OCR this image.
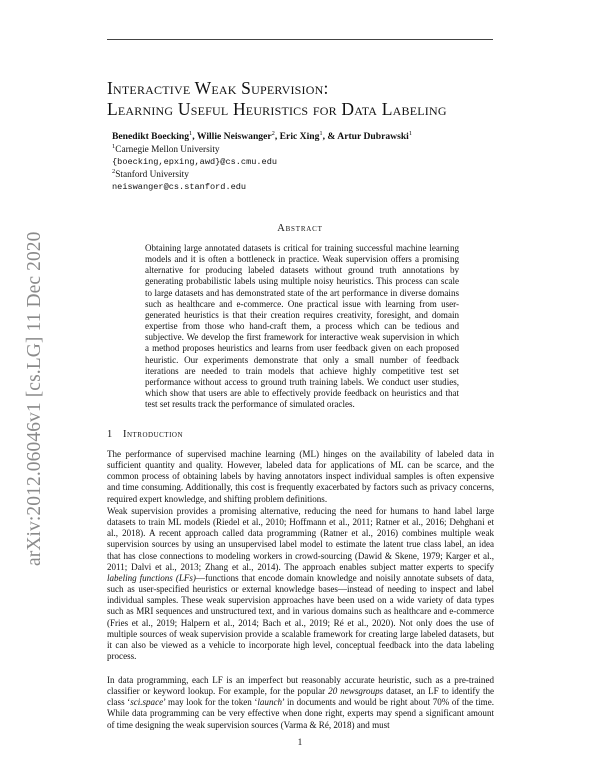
arXiv:2012.06046v1 [cs.LG] 11 Dec 2020
Interactive Weak Supervision:
Learning Useful Heuristics for Data Labeling
Benedikt Boecking$^1$, Willie Neiswanger$^2$, Eric Xing$^1$, & Artur Dubrawski$^1$
$^1$Carnegie Mellon University
{boecking,epxing,awd}@cs.cmu.edu
$^2$Stanford University
neiswanger@cs.stanford.edu
Abstract
Obtaining large annotated datasets is critical for training successful machine learning models and it is often a bottleneck in practice. Weak supervision offers a promising alternative for producing labeled datasets without ground truth annotations by generating probabilistic labels using multiple noisy heuristics. This process can scale to large datasets and has demonstrated state of the art performance in diverse domains such as healthcare and e-commerce. One practical issue with learning from user-generated heuristics is that their creation requires creativity, foresight, and domain expertise from those who hand-craft them, a process which can be tedious and subjective. We develop the first framework for interactive weak supervision in which a method proposes heuristics and learns from user feedback given on each proposed heuristic. Our experiments demonstrate that only a small number of feedback iterations are needed to train models that achieve highly competitive test set performance without access to ground truth training labels. We conduct user studies, which show that users are able to effectively provide feedback on heuristics and that test set results track the performance of simulated oracles.
1 Introduction

The performance of supervised machine learning (ML) hinges on the availability of labeled data in sufficient quantity and quality. However, labeled data for applications of ML can be scarce, and the common process of obtaining labels by having annotators inspect individual samples is often expensive and time consuming. Additionally, this cost is frequently exacerbated by factors such as privacy concerns, required expert knowledge, and shifting problem definitions.

Weak supervision provides a promising alternative, reducing the need for humans to hand label large datasets to train ML models (Riedel et al., 2010; Hoffmann et al., 2011; Ratner et al., 2016; Dehghani et al., 2018). A recent approach called data programming (Ratner et al., 2016) combines multiple weak supervision sources by using an unsupervised label model to estimate the latent true class label, an idea that has close connections to modeling workers in crowd-sourcing (Dawid & Skene, 1979; Karger et al., 2011; Dalvi et al., 2013; Zhang et al., 2014). The approach enables subject matter experts to specify labeling functions (LFs)—functions that encode domain knowledge and noisily annotate subsets of data, such as user-specified heuristics or external knowledge bases—instead of needing to inspect and label individual samples. These weak supervision approaches have been used on a wide variety of data types such as MRI sequences and unstructured text, and in various domains such as healthcare and e-commerce (Fries et al., 2019; Halpern et al., 2014; Bach et al., 2019; Ré et al., 2020). Not only does the use of multiple sources of weak supervision provide a scalable framework for creating large labeled datasets, but it can also be viewed as a vehicle to incorporate high level, conceptual feedback into the data labeling process.

In data programming, each LF is an imperfect but reasonably accurate heuristic, such as a pre-trained classifier or keyword lookup. For example, for the popular 20 newsgroups dataset, an LF to identify the class ‘sci.space’ may look for the token ‘launch’ in documents and would be right about 70% of the time. While data programming can be very effective when done right, experts may spend a significant amount of time designing the weak supervision sources (Varma & Ré, 2018) and must

1
